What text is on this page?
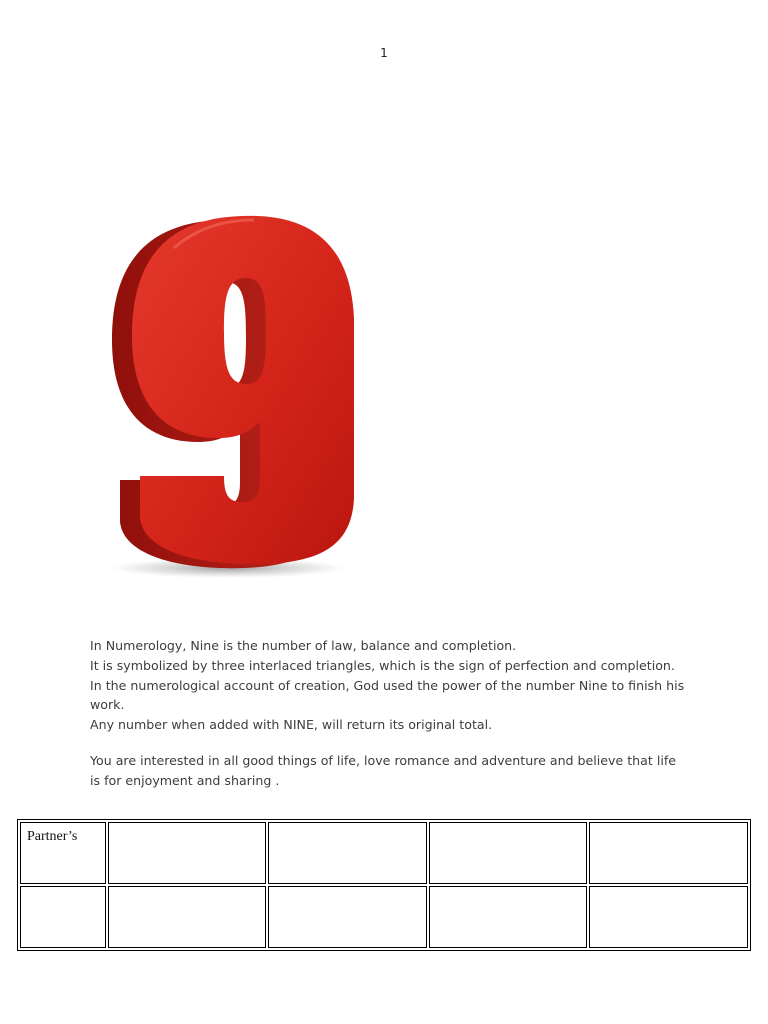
1

In Numerology, Nine is the number of law, balance and completion.

It is symbolized by three interlaced triangles, which is the sign of perfection and completion.

In the numerological account of creation, God used the power of the number Nine to finish his work.

Any number when added with NINE, will return its original total.

You are interested in all good things of life, love romance and adventure and believe that life is for enjoyment and sharing .

Partner’s				
